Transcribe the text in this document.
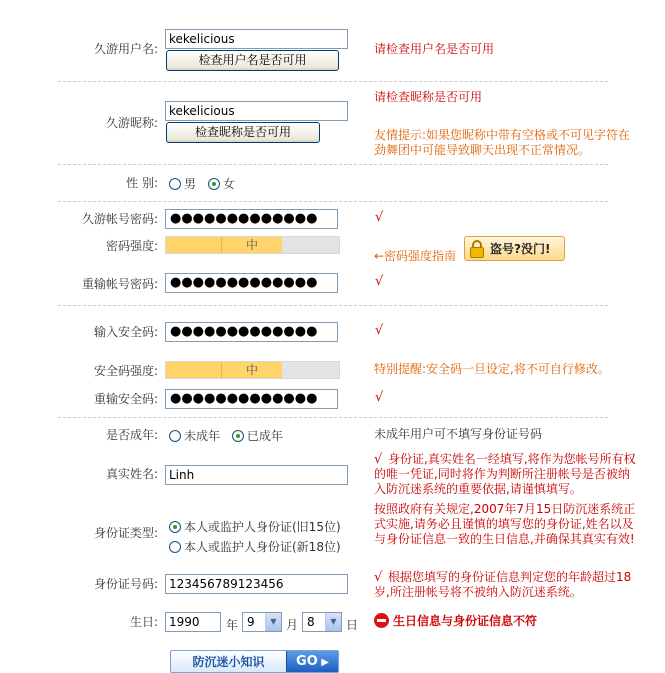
久游用户名:
kekelicious
检查用户名是否可用
请检查用户名是否可用
久游昵称:
kekelicious
检查昵称是否可用
请检查昵称是否可用
友情提示:如果您昵称中带有空格或不可见字符在劲舞团中可能导致聊天出现不正常情况。
性 别:	男 女
久游帐号密码: ●●●●●●●●●●●●●	√
密码强度:	中
←密码强度指南	盗号?没门!
重输帐号密码: ●●●●●●●●●●●●●	√
输入安全码: ●●●●●●●●●●●●●	√
安全码强度:	中	特别提醒:安全码一旦设定,将不可自行修改。
重输安全码: ●●●●●●●●●●●●●	√
是否成年:	未成年 已成年	未成年用户可不填写身份证号码
真实姓名: Linh
√ 身份证,真实姓名一经填写,将作为您帐号所有权的唯一凭证,同时将作为判断所注册帐号是否被纳入防沉迷系统的重要依据,请谨慎填写。
身份证类型:	本人或监护人身份证(旧15位)
本人或监护人身份证(新18位)
按照政府有关规定,2007年7月15日防沉迷系统正式实施,请务必且谨慎的填写您的身份证,姓名以及与身份证信息一致的生日信息,并确保其真实有效!
身份证号码: 123456789123456	√ 根据您填写的身份证信息判定您的年龄超过18岁,所注册帐号将不被纳入防沉迷系统。
生日: 1990	年 9	▼ 月 8	▼ 日	生日信息与身份证信息不符
防沉迷小知识	GO ▶
